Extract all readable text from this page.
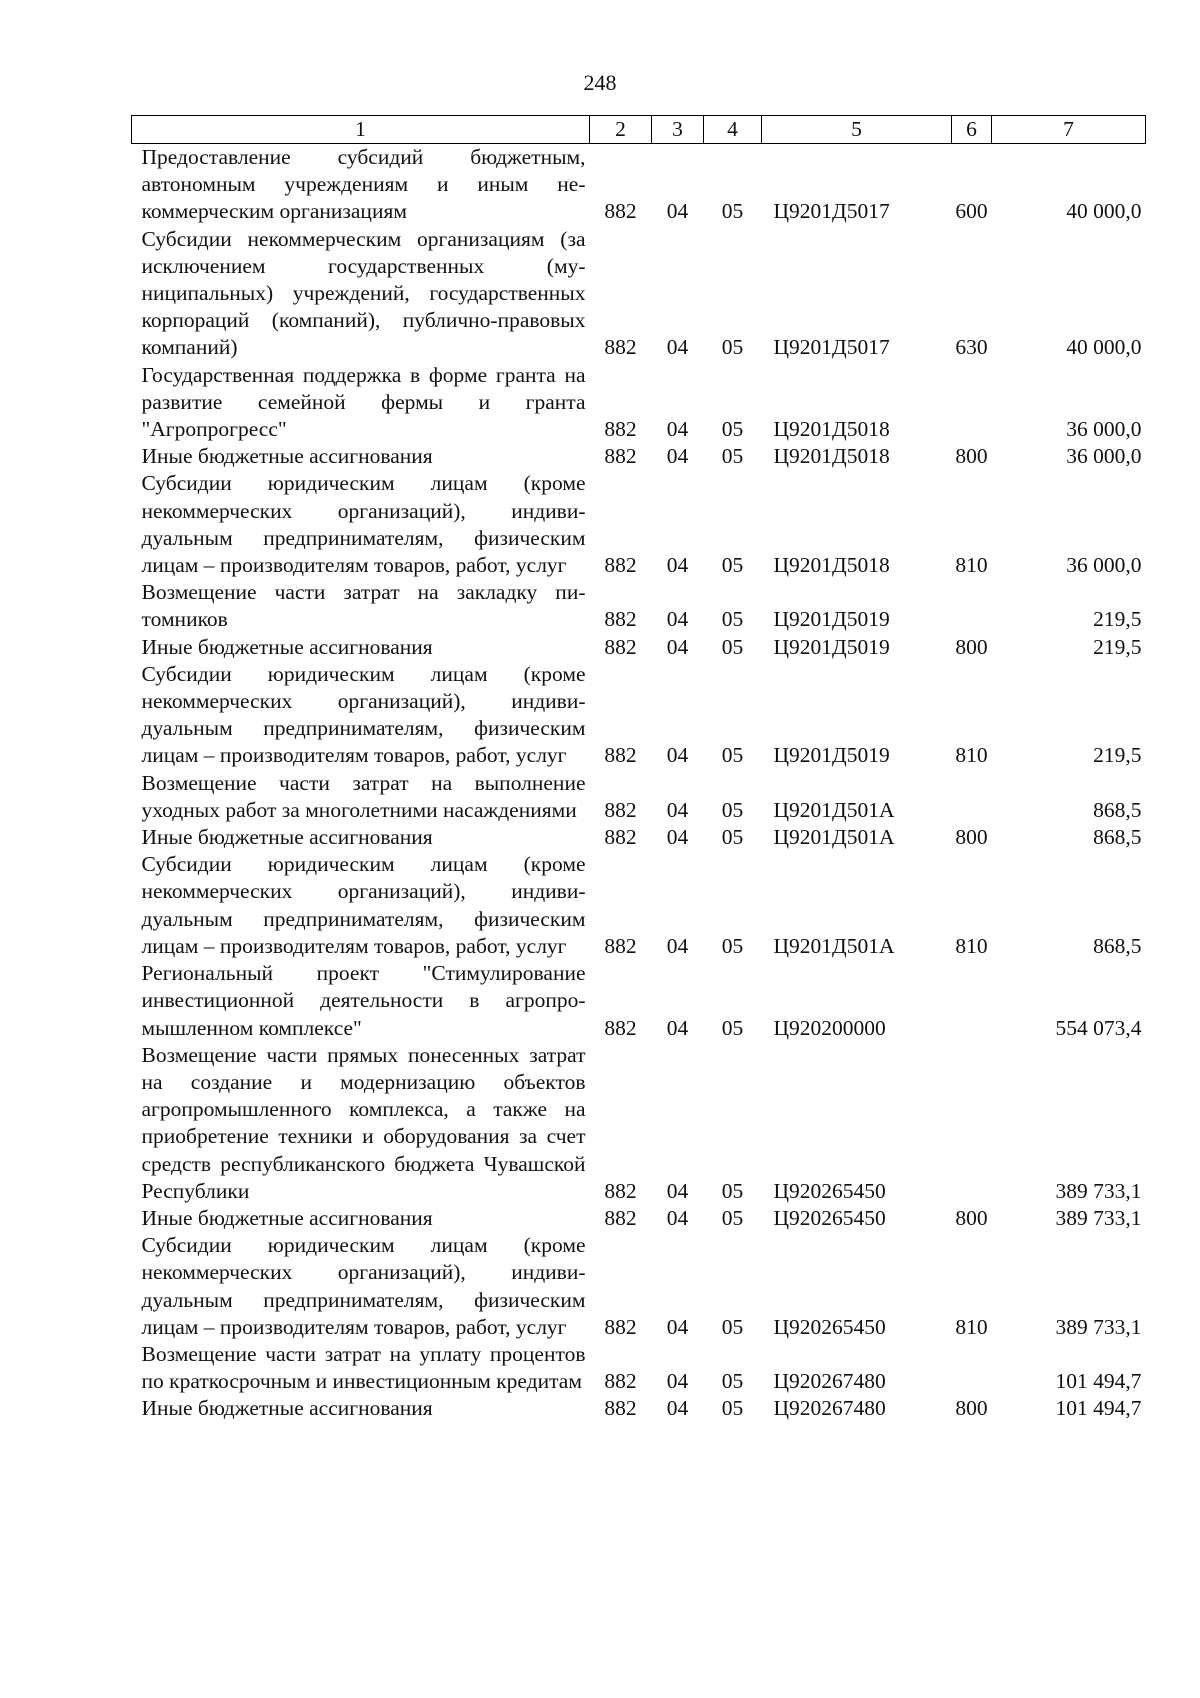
248
1	2	3	4	5	6	7
Предоставление субсидий бюджетным, автономным учреждениям и иным некоммерческим организациям	882	04	05	Ц9201Д5017	600	40 000,0
Субсидии некоммерческим организациям (за исключением государственных (муниципальных) учреждений, государственных корпораций (компаний), публично-правовых компаний)	882	04	05	Ц9201Д5017	630	40 000,0
Государственная поддержка в форме гранта на развитие семейной фермы и гранта "Агропрогресс"	882	04	05	Ц9201Д5018		36 000,0
Иные бюджетные ассигнования	882	04	05	Ц9201Д5018	800	36 000,0
Субсидии юридическим лицам (кроме некоммерческих организаций), индивидуальным предпринимателям, физическим лицам – производителям товаров, работ, услуг	882	04	05	Ц9201Д5018	810	36 000,0
Возмещение части затрат на закладку питомников	882	04	05	Ц9201Д5019		219,5
Иные бюджетные ассигнования	882	04	05	Ц9201Д5019	800	219,5
Субсидии юридическим лицам (кроме некоммерческих организаций), индивидуальным предпринимателям, физическим лицам – производителям товаров, работ, услуг	882	04	05	Ц9201Д5019	810	219,5
Возмещение части затрат на выполнение уходных работ за многолетними насаждениями	882	04	05	Ц9201Д501А		868,5
Иные бюджетные ассигнования	882	04	05	Ц9201Д501А	800	868,5
Субсидии юридическим лицам (кроме некоммерческих организаций), индивидуальным предпринимателям, физическим лицам – производителям товаров, работ, услуг	882	04	05	Ц9201Д501А	810	868,5
Региональный проект "Стимулирование инвестиционной деятельности в агропромышленном комплексе"	882	04	05	Ц920200000		554 073,4
Возмещение части прямых понесенных затрат на создание и модернизацию объектов агропромышленного комплекса, а также на приобретение техники и оборудования за счет средств республиканского бюджета Чувашской Республики	882	04	05	Ц920265450		389 733,1
Иные бюджетные ассигнования	882	04	05	Ц920265450	800	389 733,1
Субсидии юридическим лицам (кроме некоммерческих организаций), индивидуальным предпринимателям, физическим лицам – производителям товаров, работ, услуг	882	04	05	Ц920265450	810	389 733,1
Возмещение части затрат на уплату процентов по краткосрочным и инвестиционным кредитам	882	04	05	Ц920267480		101 494,7
Иные бюджетные ассигнования	882	04	05	Ц920267480	800	101 494,7
